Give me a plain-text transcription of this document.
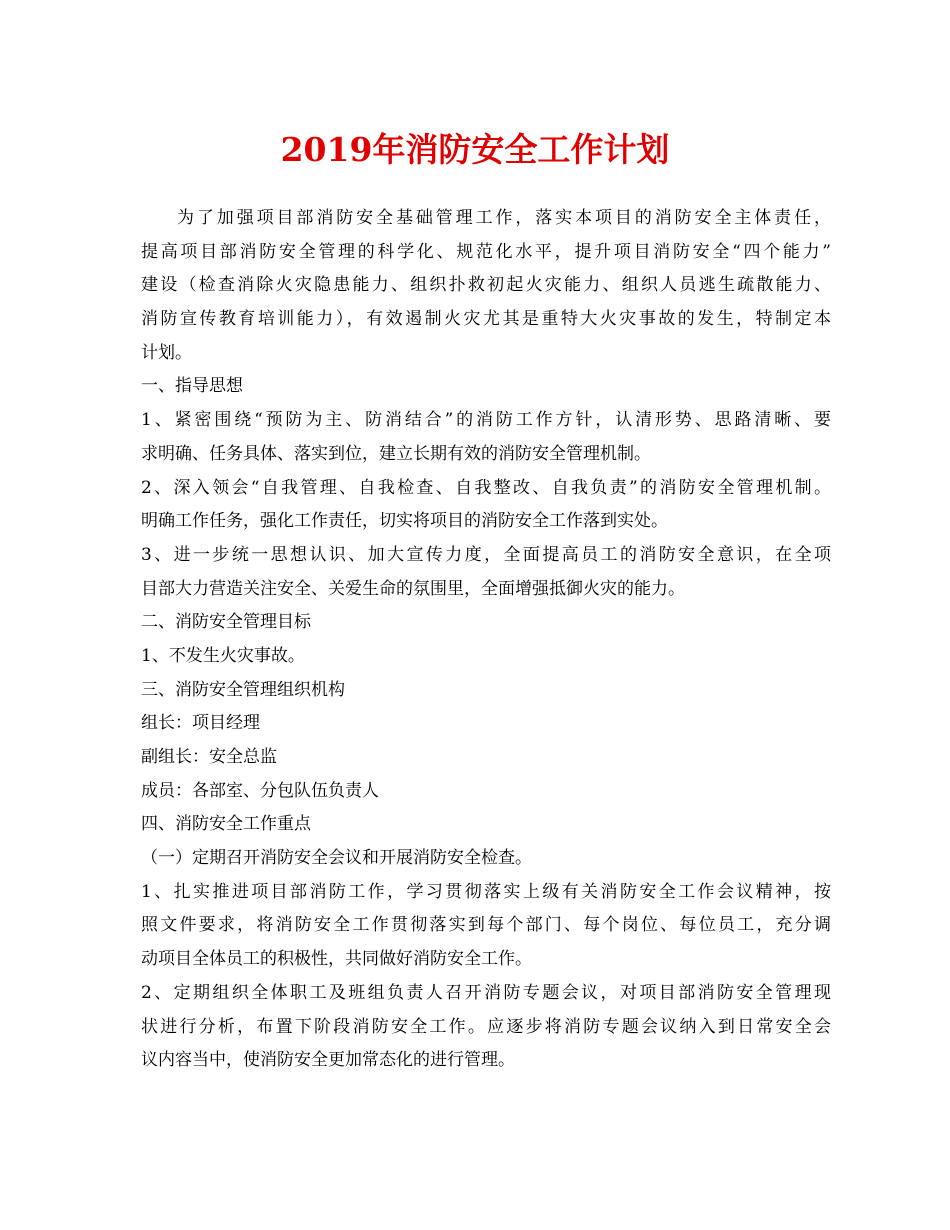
2019年消防安全工作计划

为了加强项目部消防安全基础管理工作，落实本项目的消防安全主体责任，

提高项目部消防安全管理的科学化、规范化水平，提升项目消防安全“四个能力”

建设（检查消除火灾隐患能力、组织扑救初起火灾能力、组织人员逃生疏散能力、

消防宣传教育培训能力），有效遏制火灾尤其是重特大火灾事故的发生，特制定本

计划。

一、指导思想

1、紧密围绕“预防为主、防消结合”的消防工作方针，认清形势、思路清晰、要

求明确、任务具体、落实到位，建立长期有效的消防安全管理机制。

2、深入领会“自我管理、自我检查、自我整改、自我负责”的消防安全管理机制。

明确工作任务，强化工作责任，切实将项目的消防安全工作落到实处。

3、进一步统一思想认识、加大宣传力度，全面提高员工的消防安全意识，在全项

目部大力营造关注安全、关爱生命的氛围里，全面增强抵御火灾的能力。

二、消防安全管理目标

1、不发生火灾事故。

三、消防安全管理组织机构

组长：项目经理

副组长：安全总监

成员：各部室、分包队伍负责人

四、消防安全工作重点

（一）定期召开消防安全会议和开展消防安全检查。

1、扎实推进项目部消防工作，学习贯彻落实上级有关消防安全工作会议精神，按

照文件要求，将消防安全工作贯彻落实到每个部门、每个岗位、每位员工，充分调

动项目全体员工的积极性，共同做好消防安全工作。

2、定期组织全体职工及班组负责人召开消防专题会议，对项目部消防安全管理现

状进行分析，布置下阶段消防安全工作。应逐步将消防专题会议纳入到日常安全会

议内容当中，使消防安全更加常态化的进行管理。
